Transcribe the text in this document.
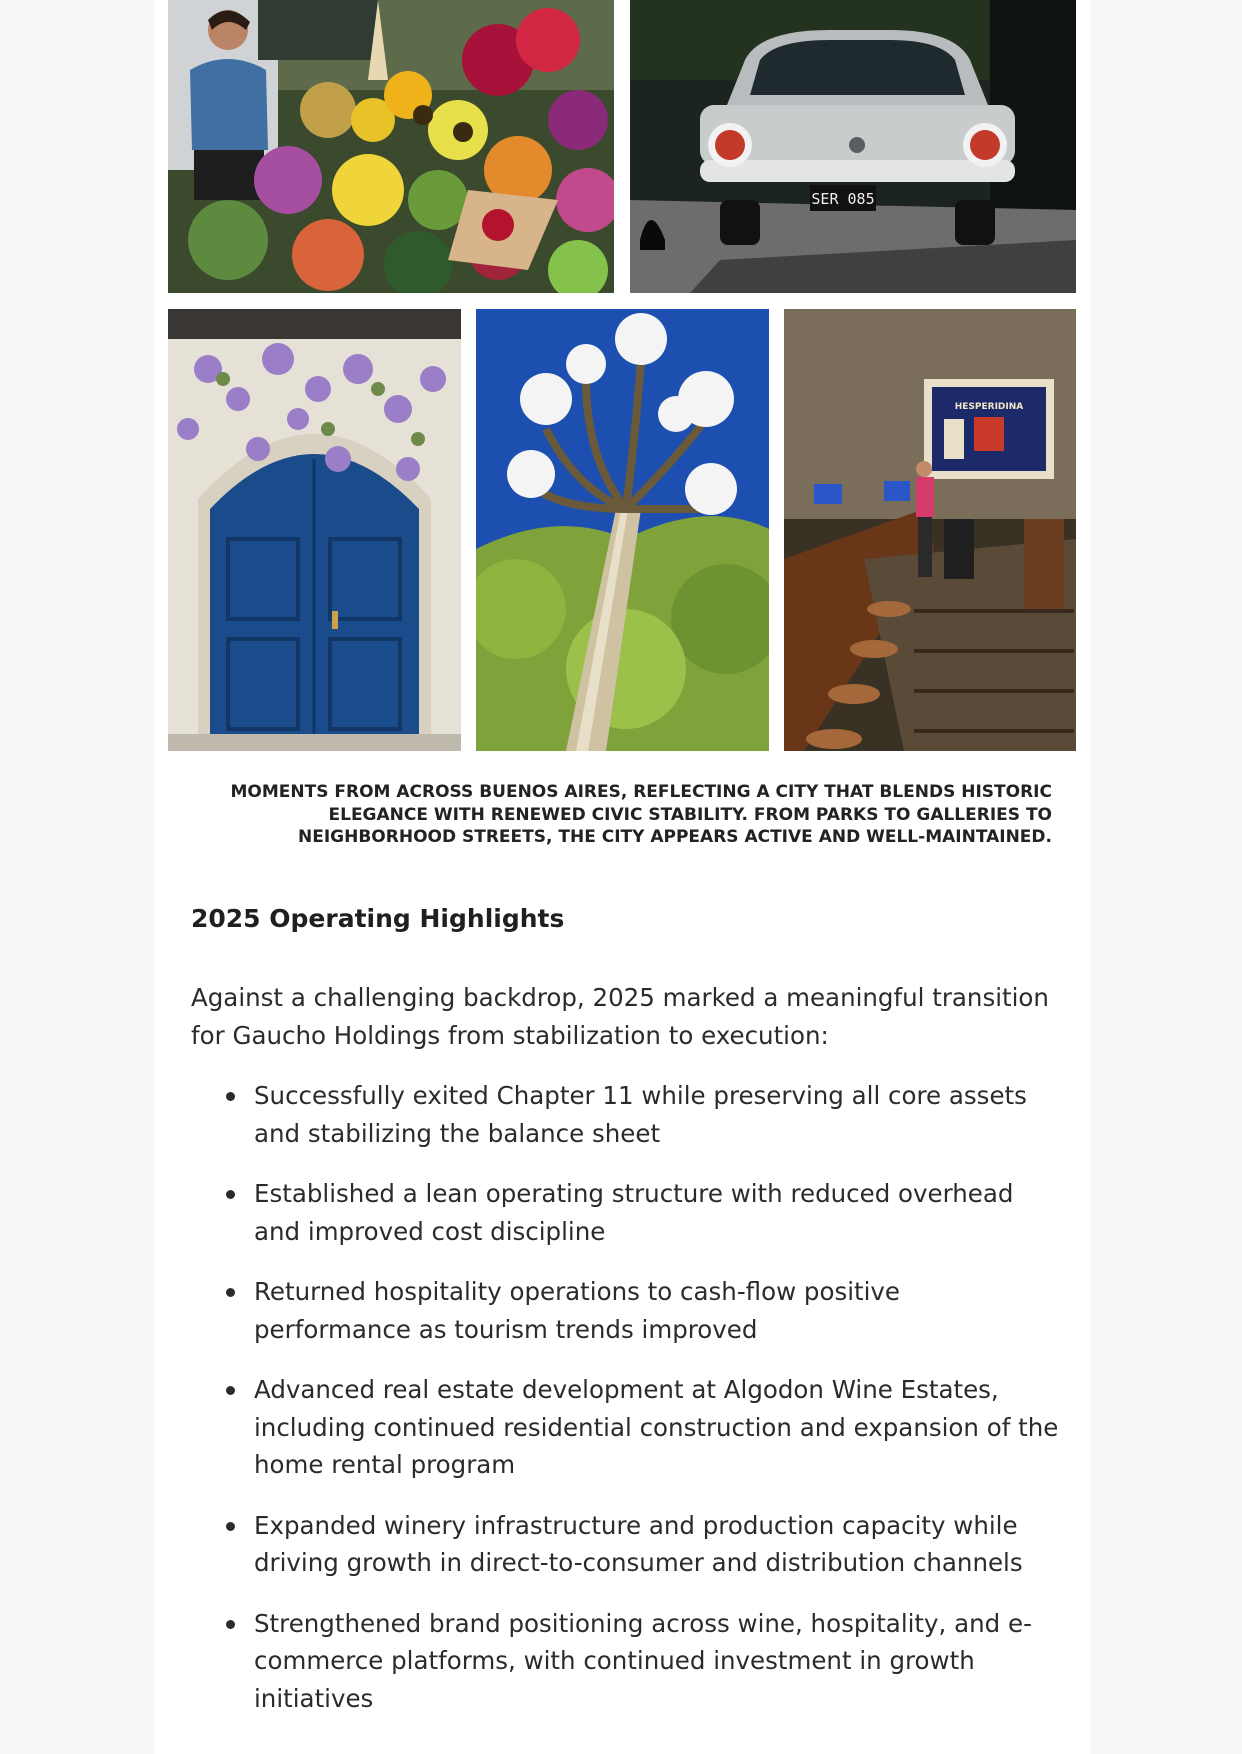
SER 085
HESPERIDINA
MOMENTS FROM ACROSS BUENOS AIRES, REFLECTING A CITY THAT BLENDS HISTORIC ELEGANCE WITH RENEWED CIVIC STABILITY. FROM PARKS TO GALLERIES TO NEIGHBORHOOD STREETS, THE CITY APPEARS ACTIVE AND WELL-MAINTAINED.
2025 Operating Highlights

Against a challenging backdrop, 2025 marked a meaningful transition for Gaucho Holdings from stabilization to execution:

Successfully exited Chapter 11 while preserving all core assets and stabilizing the balance sheet
Established a lean operating structure with reduced overhead and improved cost discipline
Returned hospitality operations to cash-flow positive performance as tourism trends improved
Advanced real estate development at Algodon Wine Estates, including continued residential construction and expansion of the home rental program
Expanded winery infrastructure and production capacity while driving growth in direct-to-consumer and distribution channels
Strengthened brand positioning across wine, hospitality, and e-commerce platforms, with continued investment in growth initiatives
